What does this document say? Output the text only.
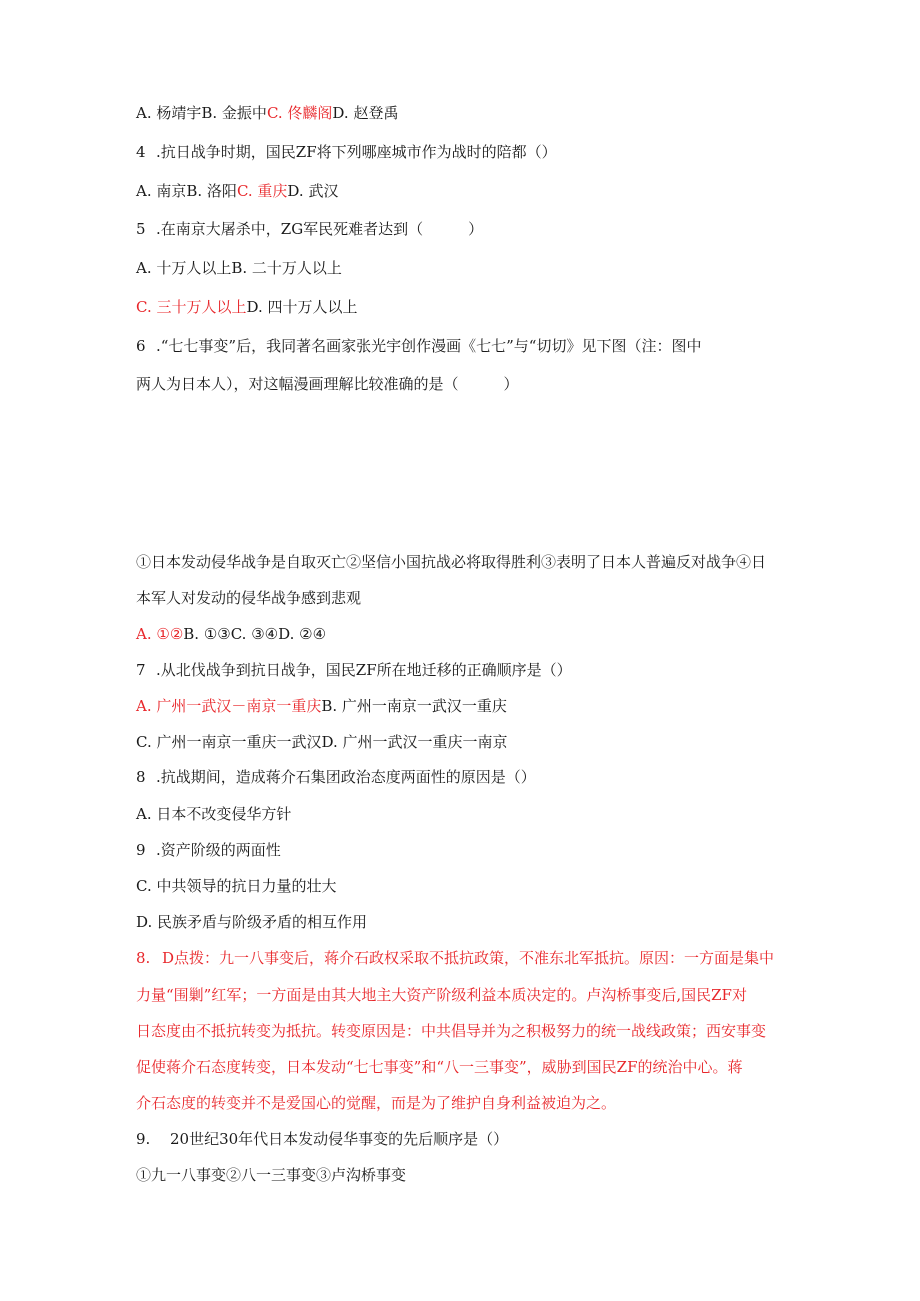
A. 杨靖宇B. 金振中C. 佟麟阁D. 赵登禹
4 .抗日战争时期，国民ZF将下列哪座城市作为战时的陪都（）
A. 南京B. 洛阳C. 重庆D. 武汉
5 .在南京大屠杀中，ZG军民死难者达到（　　　）
A. 十万人以上B. 二十万人以上
C. 三十万人以上D. 四十万人以上
6 .“七七事变”后，我同著名画家张光宇创作漫画《七七”与“切切》见下图（注：图中
两人为日本人），对这幅漫画理解比较准确的是（　　　）
①日本发动侵华战争是自取灭亡②坚信小国抗战必将取得胜利③表明了日本人普遍反对战争④日
本军人对发动的侵华战争感到悲观
A. ①②B. ①③C. ③④D. ②④
7 .从北伐战争到抗日战争，国民ZF所在地迁移的正确顺序是（）
A. 广州一武汉－南京一重庆B. 广州一南京一武汉一重庆
C. 广州一南京一重庆一武汉D. 广州一武汉一重庆一南京
8 .抗战期间，造成蒋介石集团政治态度两面性的原因是（）
A. 日本不改变侵华方针
9 .资产阶级的两面性
C. 中共领导的抗日力量的壮大
D. 民族矛盾与阶级矛盾的相互作用
8. D点拨：九一八事变后，蒋介石政权采取不抵抗政策，不准东北军抵抗。原因：一方面是集中
力量“围剿”红军；一方面是由其大地主大资产阶级利益本质决定的。卢沟桥事变后,国民ZF对
日态度由不抵抗转变为抵抗。转变原因是：中共倡导并为之积极努力的统一战线政策；西安事变
促使蒋介石态度转变，日本发动“七七事变”和“八一三事变”，威胁到国民ZF的统治中心。蒋
介石态度的转变并不是爱国心的觉醒，而是为了维护自身利益被迫为之。
9. 20世纪30年代日本发动侵华事变的先后顺序是（）
①九一八事变②八一三事变③卢沟桥事变
